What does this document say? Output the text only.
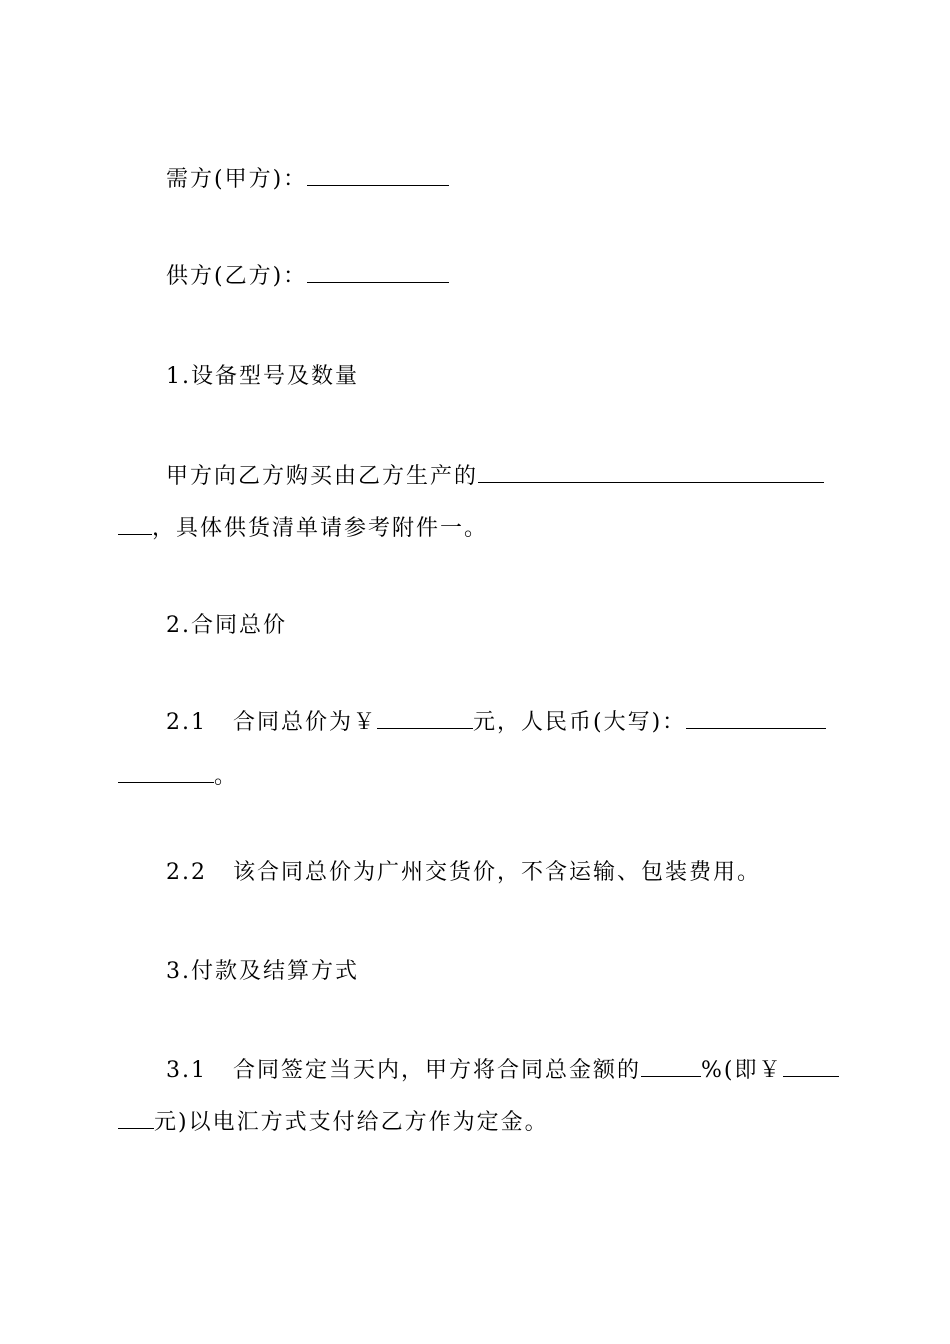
需方(甲方)：
供方(乙方)：
1.设备型号及数量
甲方向乙方购买由乙方生产的
，具体供货清单请参考附件一。
2.合同总价
2.1 合同总价为￥	元，人民币(大写)：
。
2.2 该合同总价为广州交货价，不含运输、包装费用。
3.付款及结算方式
3.1 合同签定当天内，甲方将合同总金额的	%(即￥
元)以电汇方式支付给乙方作为定金。
